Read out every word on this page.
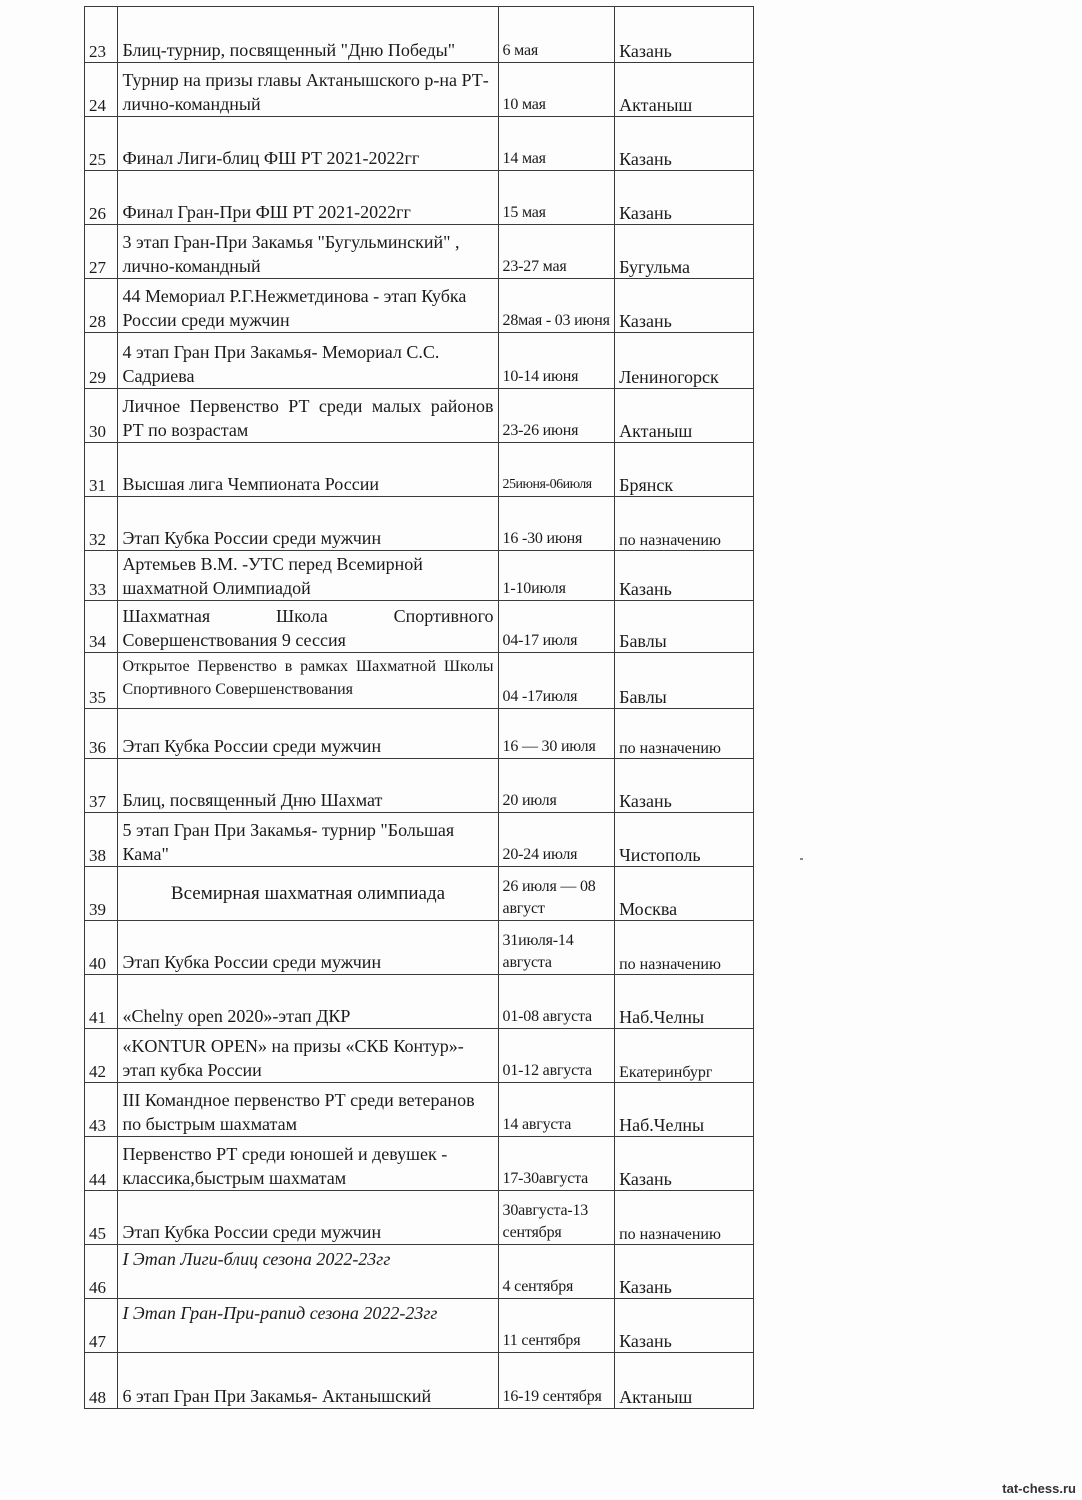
23	Блиц-турнир, посвященный "Дню Победы"	6 мая	Казань
24	Турнир на призы главы Актанышского р-на РТ-лично-командный	10 мая	Актаныш
25	Финал Лиги-блиц ФШ РТ 2021-2022гг	14 мая	Казань
26	Финал Гран-При ФШ РТ 2021-2022гг	15 мая	Казань
27	3 этап Гран-При Закамья "Бугульминский" , лично-командный	23-27 мая	Бугульма
28	44 Мемориал Р.Г.Нежметдинова - этап Кубка России среди мужчин	28мая - 03 июня	Казань
29	4 этап Гран При Закамья- Мемориал С.С. Садриева	10-14 июня	Лениногорск
30	Личное Первенство РТ среди малых районов РТ по возрастам	23-26 июня	Актаныш
31	Высшая лига Чемпионата России	25июня-06июля	Брянск
32	Этап Кубка России среди мужчин	16 -30 июня	по назначению
33	Артемьев В.М. -УТС перед Всемирной шахматной Олимпиадой	1-10июля	Казань
34	Шахматная Школа Спортивного Совершенствования 9 сессия	04-17 июля	Бавлы
35	Открытое Первенство в рамках Шахматной Школы Спортивного Совершенствования	04 -17июля	Бавлы
36	Этап Кубка России среди мужчин	16 — 30 июля	по назначению
37	Блиц, посвященный Дню Шахмат	20 июля	Казань
38	5 этап Гран При Закамья- турнир "Большая Кама"	20-24 июля	Чистополь
39	Всемирная шахматная олимпиада	26 июля — 08 август	Москва
40	Этап Кубка России среди мужчин	31июля-14 августа	по назначению
41	«Chelny open 2020»-этап ДКР	01-08 августа	Наб.Челны
42	«KONTUR OPEN» на призы «СКБ Контур»-этап кубка России	01-12 августа	Екатеринбург
43	III Командное первенство РТ среди ветеранов по быстрым шахматам	14 августа	Наб.Челны
44	Первенство РТ среди юношей и девушек - классика,быстрым шахматам	17-30августа	Казань
45	Этап Кубка России среди мужчин	30августа-13 сентября	по назначению
46	I Этап Лиги-блиц сезона 2022-23гг	4 сентября	Казань
47	I Этап Гран-При-рапид сезона 2022-23гг	11 сентября	Казань
48	6 этап Гран При Закамья- Актанышский	16-19 сентября	Актаныш
tat-chess.ru
